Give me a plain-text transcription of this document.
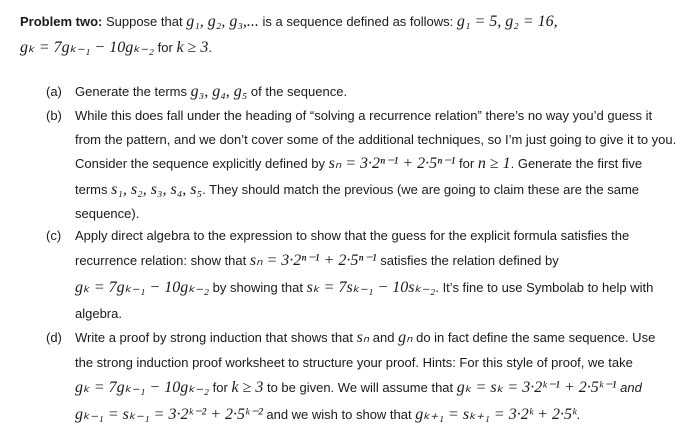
Problem two: Suppose that g₁, g₂, g₃,... is a sequence defined as follows: g₁ = 5, g₂ = 16,
gₖ = 7gₖ₋₁ − 10gₖ₋₂ for k ≥ 3.
(a) Generate the terms g₃, g₄, g₅ of the sequence.
(b) While this does fall under the heading of “solving a recurrence relation” there’s no way you’d guess it
from the pattern, and we don’t cover some of the additional techniques, so I’m just going to give it to you.
Consider the sequence explicitly defined by sₙ = 3·2ⁿ⁻¹ + 2·5ⁿ⁻¹ for n ≥ 1. Generate the first five
terms s₁, s₂, s₃, s₄, s₅. They should match the previous (we are going to claim these are the same
sequence).
(c) Apply direct algebra to the expression to show that the guess for the explicit formula satisfies the
recurrence relation: show that sₙ = 3·2ⁿ⁻¹ + 2·5ⁿ⁻¹ satisfies the relation defined by
gₖ = 7gₖ₋₁ − 10gₖ₋₂ by showing that sₖ = 7sₖ₋₁ − 10sₖ₋₂. It’s fine to use Symbolab to help with
algebra.
(d) Write a proof by strong induction that shows that sₙ and gₙ do in fact define the same sequence. Use
the strong induction proof worksheet to structure your proof. Hints: For this style of proof, we take
gₖ = 7gₖ₋₁ − 10gₖ₋₂ for k ≥ 3 to be given. We will assume that gₖ = sₖ = 3·2ᵏ⁻¹ + 2·5ᵏ⁻¹ and
gₖ₋₁ = sₖ₋₁ = 3·2ᵏ⁻² + 2·5ᵏ⁻² and we wish to show that gₖ₊₁ = sₖ₊₁ = 3·2ᵏ + 2·5ᵏ.
